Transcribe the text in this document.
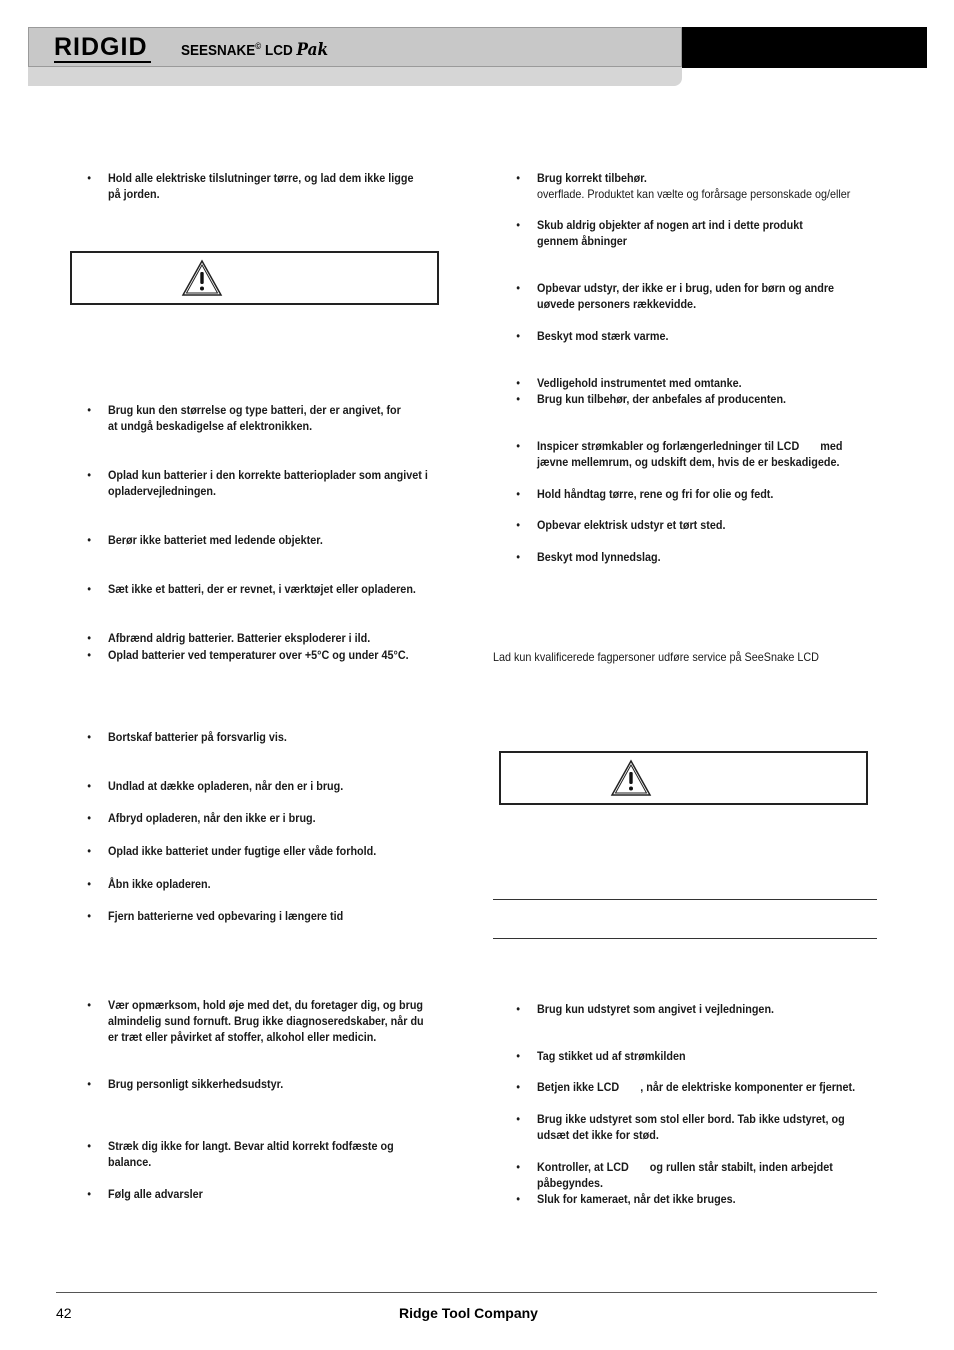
RIDGID SEESNAKE© LCD Pak
• Hold alle elektriske tilslutninger tørre, og lad dem ikke ligge
på jorden.
• Brug kun den størrelse og type batteri, der er angivet, for
at undgå beskadigelse af elektronikken.
• Oplad kun batterier i den korrekte batterioplader som angivet i
opladervejledningen.
• Berør ikke batteriet med ledende objekter.
• Sæt ikke et batteri, der er revnet, i værktøjet eller opladeren.
• Afbrænd aldrig batterier. Batterier eksploderer i ild.
• Oplad batterier ved temperaturer over +5°C og under 45°C.
• Bortskaf batterier på forsvarlig vis.
• Undlad at dække opladeren, når den er i brug.
• Afbryd opladeren, når den ikke er i brug.
• Oplad ikke batteriet under fugtige eller våde forhold.
• Åbn ikke opladeren.
• Fjern batterierne ved opbevaring i længere tid
• Vær opmærksom, hold øje med det, du foretager dig, og brug
almindelig sund fornuft. Brug ikke diagnoseredskaber, når du
er træt eller påvirket af stoffer, alkohol eller medicin.
• Brug personligt sikkerhedsudstyr.
• Stræk dig ikke for langt. Bevar altid korrekt fodfæste og
balance.
• Følg alle advarsler
• Brug korrekt tilbehør.
overflade. Produktet kan vælte og forårsage personskade og/eller
• Skub aldrig objekter af nogen art ind i dette produkt
gennem åbninger
• Opbevar udstyr, der ikke er i brug, uden for børn og andre
uøvede personers rækkevidde.
• Beskyt mod stærk varme.
• Vedligehold instrumentet med omtanke.
• Brug kun tilbehør, der anbefales af producenten.
• Inspicer strømkabler og forlængerledninger til LCD       med
jævne mellemrum, og udskift dem, hvis de er beskadigede.
• Hold håndtag tørre, rene og fri for olie og fedt.
• Opbevar elektrisk udstyr et tørt sted.
• Beskyt mod lynnedslag.
Lad kun kvalificerede fagpersoner udføre service på SeeSnake LCD
• Brug kun udstyret som angivet i vejledningen.
• Tag stikket ud af strømkilden
• Betjen ikke LCD       , når de elektriske komponenter er fjernet.
• Brug ikke udstyret som stol eller bord. Tab ikke udstyret, og
udsæt det ikke for stød.
• Kontroller, at LCD       og rullen står stabilt, inden arbejdet
påbegyndes.
• Sluk for kameraet, når det ikke bruges.
42	Ridge Tool Company
